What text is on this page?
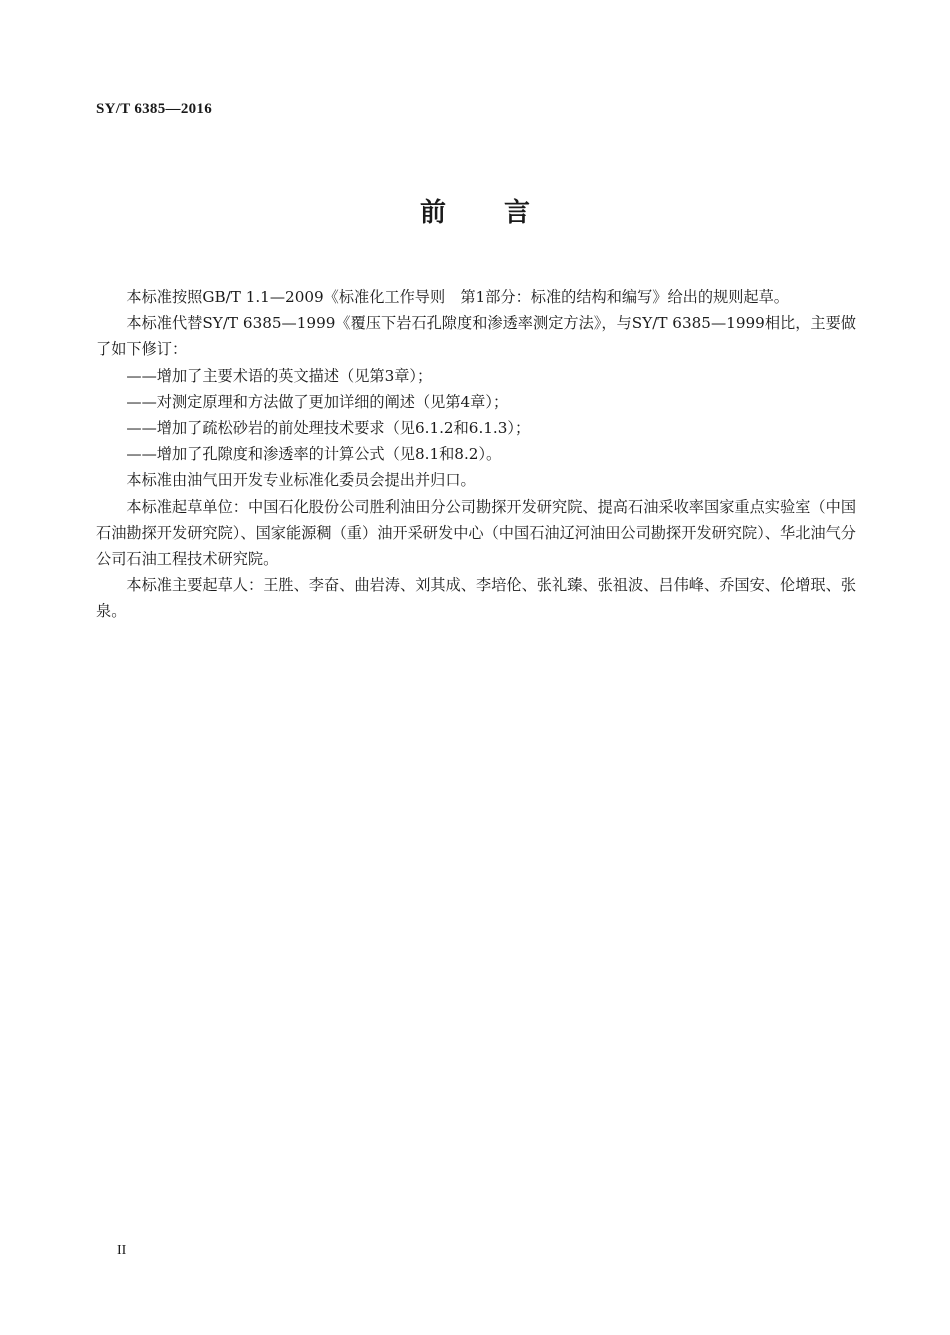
SY/T 6385—2016
前 言

本标准按照GB/T 1.1—2009《标准化工作导则　第1部分：标准的结构和编写》给出的规则起草。

本标准代替SY/T 6385—1999《覆压下岩石孔隙度和渗透率测定方法》，与SY/T 6385—1999相比，主要做了如下修订：

——增加了主要术语的英文描述（见第3章）；

——对测定原理和方法做了更加详细的阐述（见第4章）；

——增加了疏松砂岩的前处理技术要求（见6.1.2和6.1.3）；

——增加了孔隙度和渗透率的计算公式（见8.1和8.2）。

本标准由油气田开发专业标准化委员会提出并归口。

本标准起草单位：中国石化股份公司胜利油田分公司勘探开发研究院、提高石油采收率国家重点实验室（中国石油勘探开发研究院）、国家能源稠（重）油开采研发中心（中国石油辽河油田公司勘探开发研究院）、华北油气分公司石油工程技术研究院。

本标准主要起草人：王胜、李奋、曲岩涛、刘其成、李培伦、张礼臻、张祖波、吕伟峰、乔国安、伦增珉、张泉。

II
